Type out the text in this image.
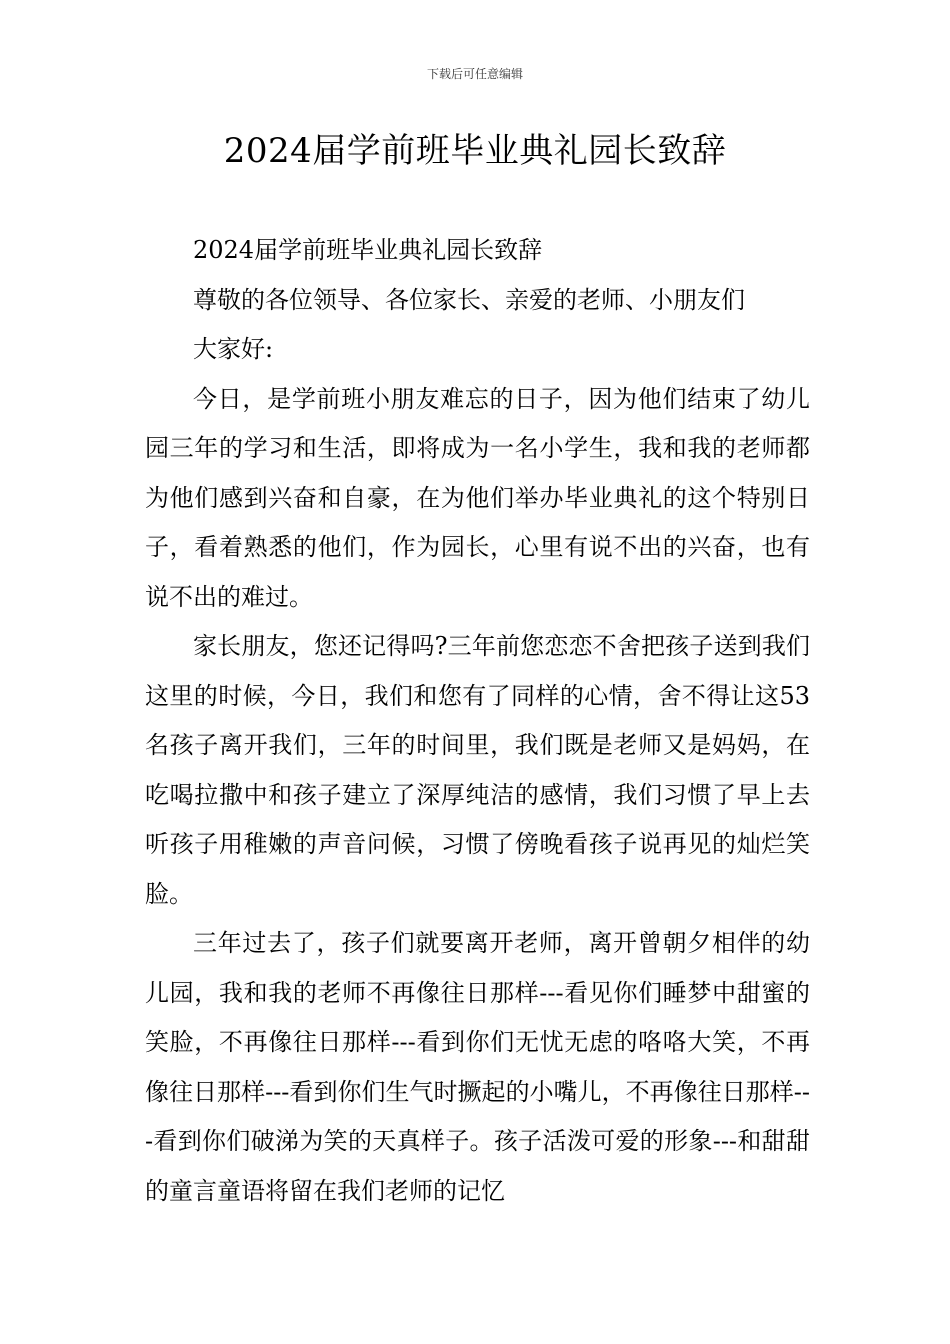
下载后可任意编辑
2024届学前班毕业典礼园长致辞

2024届学前班毕业典礼园长致辞

尊敬的各位领导、各位家长、亲爱的老师、小朋友们

大家好:

今日，是学前班小朋友难忘的日子，因为他们结束了幼儿园三年的学习和生活，即将成为一名小学生，我和我的老师都为他们感到兴奋和自豪，在为他们举办毕业典礼的这个特别日子，看着熟悉的他们，作为园长，心里有说不出的兴奋，也有说不出的难过。

家长朋友，您还记得吗?三年前您恋恋不舍把孩子送到我们这里的时候，今日，我们和您有了同样的心情，舍不得让这53名孩子离开我们，三年的时间里，我们既是老师又是妈妈，在吃喝拉撒中和孩子建立了深厚纯洁的感情，我们习惯了早上去听孩子用稚嫩的声音问候，习惯了傍晚看孩子说再见的灿烂笑脸。

三年过去了，孩子们就要离开老师，离开曾朝夕相伴的幼儿园，我和我的老师不再像往日那样---看见你们睡梦中甜蜜的笑脸，不再像往日那样---看到你们无忧无虑的咯咯大笑，不再像往日那样---看到你们生气时撅起的小嘴儿，不再像往日那样---看到你们破涕为笑的天真样子。孩子活泼可爱的形象---和甜甜的童言童语将留在我们老师的记忆
